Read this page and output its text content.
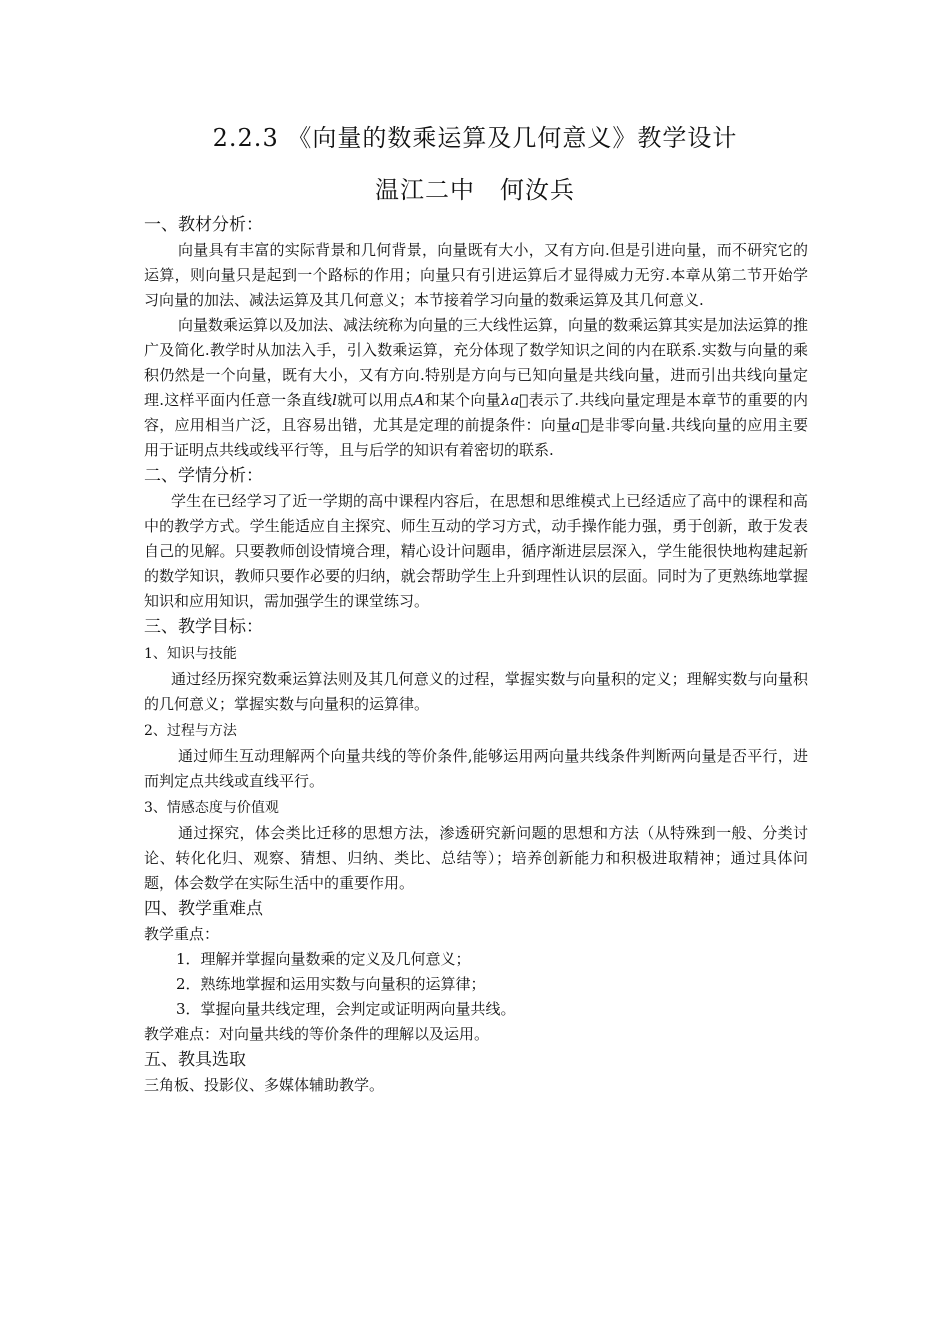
2.2.3 《向量的数乘运算及几何意义》教学设计
温江二中　何汝兵
一、教材分析：

向量具有丰富的实际背景和几何背景，向量既有大小，又有方向.但是引进向量，而不研究它的运算，则向量只是起到一个路标的作用；向量只有引进运算后才显得威力无穷.本章从第二节开始学习向量的加法、减法运算及其几何意义；本节接着学习向量的数乘运算及其几何意义.

向量数乘运算以及加法、减法统称为向量的三大线性运算，向量的数乘运算其实是加法运算的推广及简化.教学时从加法入手，引入数乘运算，充分体现了数学知识之间的内在联系.实数与向量的乘积仍然是一个向量，既有大小，又有方向.特别是方向与已知向量是共线向量，进而引出共线向量定理.这样平面内任意一条直线l就可以用点A和某个向量λa⃗表示了.共线向量定理是本章节的重要的内容，应用相当广泛，且容易出错，尤其是定理的前提条件：向量a⃗是非零向量.共线向量的应用主要用于证明点共线或线平行等，且与后学的知识有着密切的联系.

二、学情分析：

学生在已经学习了近一学期的高中课程内容后，在思想和思维模式上已经适应了高中的课程和高中的教学方式。学生能适应自主探究、师生互动的学习方式，动手操作能力强，勇于创新，敢于发表自己的见解。只要教师创设情境合理，精心设计问题串，循序渐进层层深入，学生能很快地构建起新的数学知识，教师只要作必要的归纳，就会帮助学生上升到理性认识的层面。同时为了更熟练地掌握知识和应用知识，需加强学生的课堂练习。

三、教学目标：
1、知识与技能

通过经历探究数乘运算法则及其几何意义的过程，掌握实数与向量积的定义；理解实数与向量积的几何意义；掌握实数与向量积的运算律。

2、过程与方法

通过师生互动理解两个向量共线的等价条件,能够运用两向量共线条件判断两向量是否平行，进而判定点共线或直线平行。

3、情感态度与价值观

通过探究，体会类比迁移的思想方法，渗透研究新问题的思想和方法（从特殊到一般、分类讨论、转化化归、观察、猜想、归纳、类比、总结等）；培养创新能力和积极进取精神；通过具体问题，体会数学在实际生活中的重要作用。

四、教学重难点

教学重点：

1．理解并掌握向量数乘的定义及几何意义；

2．熟练地掌握和运用实数与向量积的运算律；

3．掌握向量共线定理，会判定或证明两向量共线。

教学难点：对向量共线的等价条件的理解以及运用。

五、教具选取

三角板、投影仪、多媒体辅助教学。
